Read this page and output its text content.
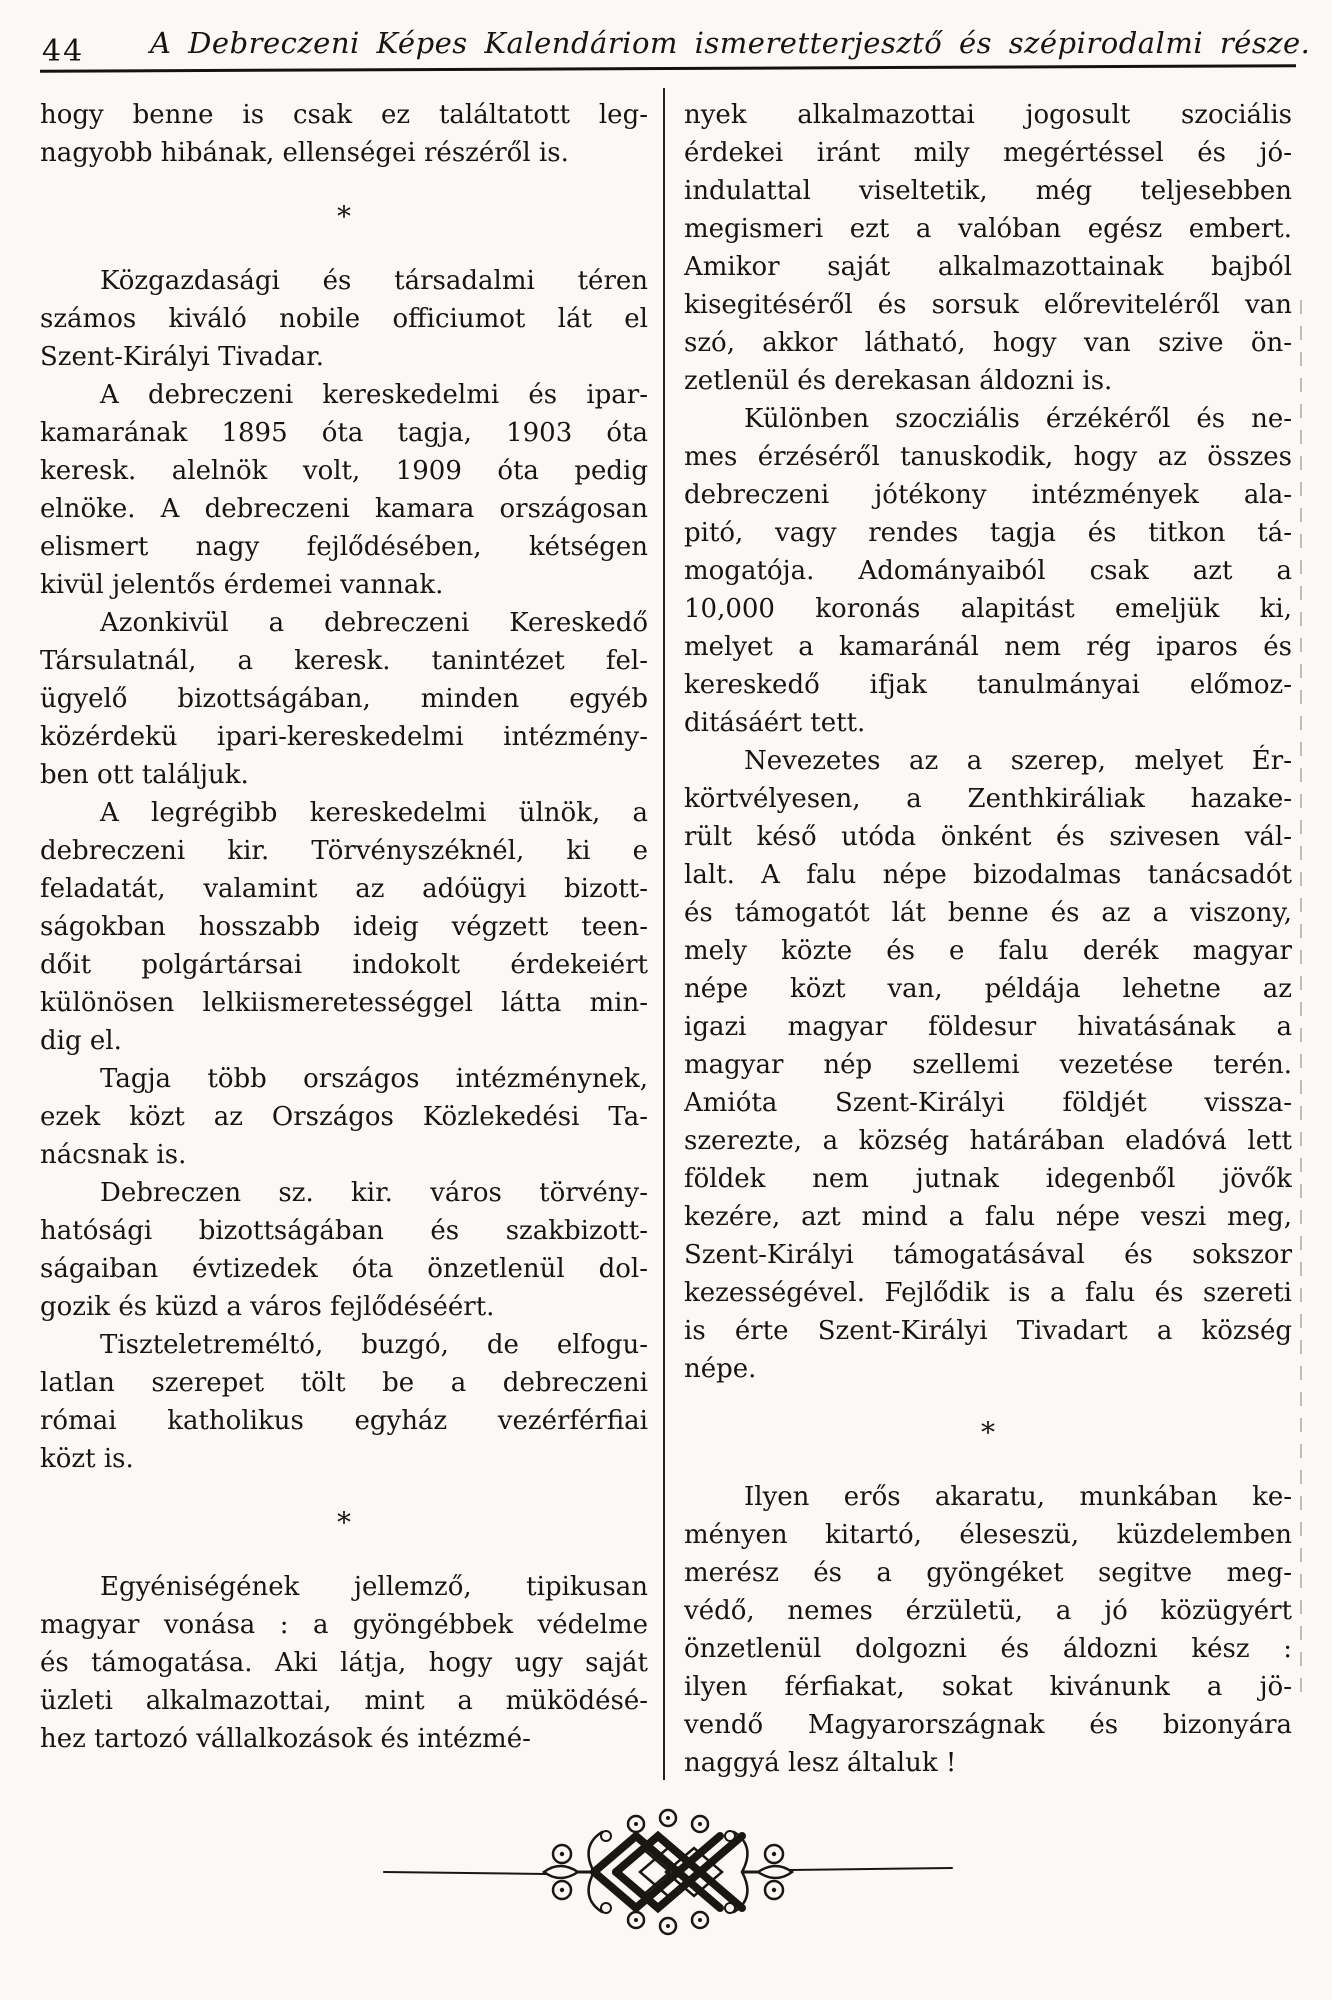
44 A Debreczeni Képes Kalendáriom ismeretterjesztő és szépirodalmi része.
hogy benne is csak ez találtatott leg-
nagyobb hibának, ellenségei részéről is.
*
Közgazdasági és társadalmi téren
számos kiváló nobile officiumot lát el
Szent-Királyi Tivadar.
A debreczeni kereskedelmi és ipar-
kamarának 1895 óta tagja, 1903 óta
keresk. alelnök volt, 1909 óta pedig
elnöke. A debreczeni kamara országosan
elismert nagy fejlődésében, kétségen
kivül jelentős érdemei vannak.
Azonkivül a debreczeni Kereskedő
Társulatnál, a keresk. tanintézet fel-
ügyelő bizottságában, minden egyéb
közérdekü ipari-kereskedelmi intézmény-
ben ott találjuk.
A legrégibb kereskedelmi ülnök, a
debreczeni kir. Törvényszéknél, ki e
feladatát, valamint az adóügyi bizott-
ságokban hosszabb ideig végzett teen-
dőit polgártársai indokolt érdekeiért
különösen lelkiismeretességgel látta min-
dig el.
Tagja több országos intézménynek,
ezek közt az Országos Közlekedési Ta-
nácsnak is.
Debreczen sz. kir. város törvény-
hatósági bizottságában és szakbizott-
ságaiban évtizedek óta önzetlenül dol-
gozik és küzd a város fejlődéséért.
Tiszteletreméltó, buzgó, de elfogu-
latlan szerepet tölt be a debreczeni
római katholikus egyház vezérférfiai
közt is.
*
Egyéniségének jellemző, tipikusan
magyar vonása : a gyöngébbek védelme
és támogatása. Aki látja, hogy ugy saját
üzleti alkalmazottai, mint a müködésé-
hez tartozó vállalkozások és intézmé-
nyek alkalmazottai jogosult szociális
érdekei iránt mily megértéssel és jó-
indulattal viseltetik, még teljesebben
megismeri ezt a valóban egész embert.
Amikor saját alkalmazottainak bajból
kisegitéséről és sorsuk előreviteléről van
szó, akkor látható, hogy van szive ön-
zetlenül és derekasan áldozni is.
Különben szocziális érzékéről és ne-
mes érzéséről tanuskodik, hogy az összes
debreczeni jótékony intézmények ala-
pitó, vagy rendes tagja és titkon tá-
mogatója. Adományaiból csak azt a
10,000 koronás alapitást emeljük ki,
melyet a kamaránál nem rég iparos és
kereskedő ifjak tanulmányai előmoz-
ditásáért tett.
Nevezetes az a szerep, melyet Ér-
körtvélyesen, a Zenthkiráliak hazake-
rült késő utóda önként és szivesen vál-
lalt. A falu népe bizodalmas tanácsadót
és támogatót lát benne és az a viszony,
mely közte és e falu derék magyar
népe közt van, példája lehetne az
igazi magyar földesur hivatásának a
magyar nép szellemi vezetése terén.
Amióta Szent-Királyi földjét vissza-
szerezte, a község határában eladóvá lett
földek nem jutnak idegenből jövők
kezére, azt mind a falu népe veszi meg,
Szent-Királyi támogatásával és sokszor
kezességével. Fejlődik is a falu és szereti
is érte Szent-Királyi Tivadart a község
népe.
*
Ilyen erős akaratu, munkában ke-
ményen kitartó, éleseszü, küzdelemben
merész és a gyöngéket segitve meg-
védő, nemes érzületü, a jó közügyért
önzetlenül dolgozni és áldozni kész :
ilyen férfiakat, sokat kivánunk a jö-
vendő Magyarországnak és bizonyára
naggyá lesz általuk !
